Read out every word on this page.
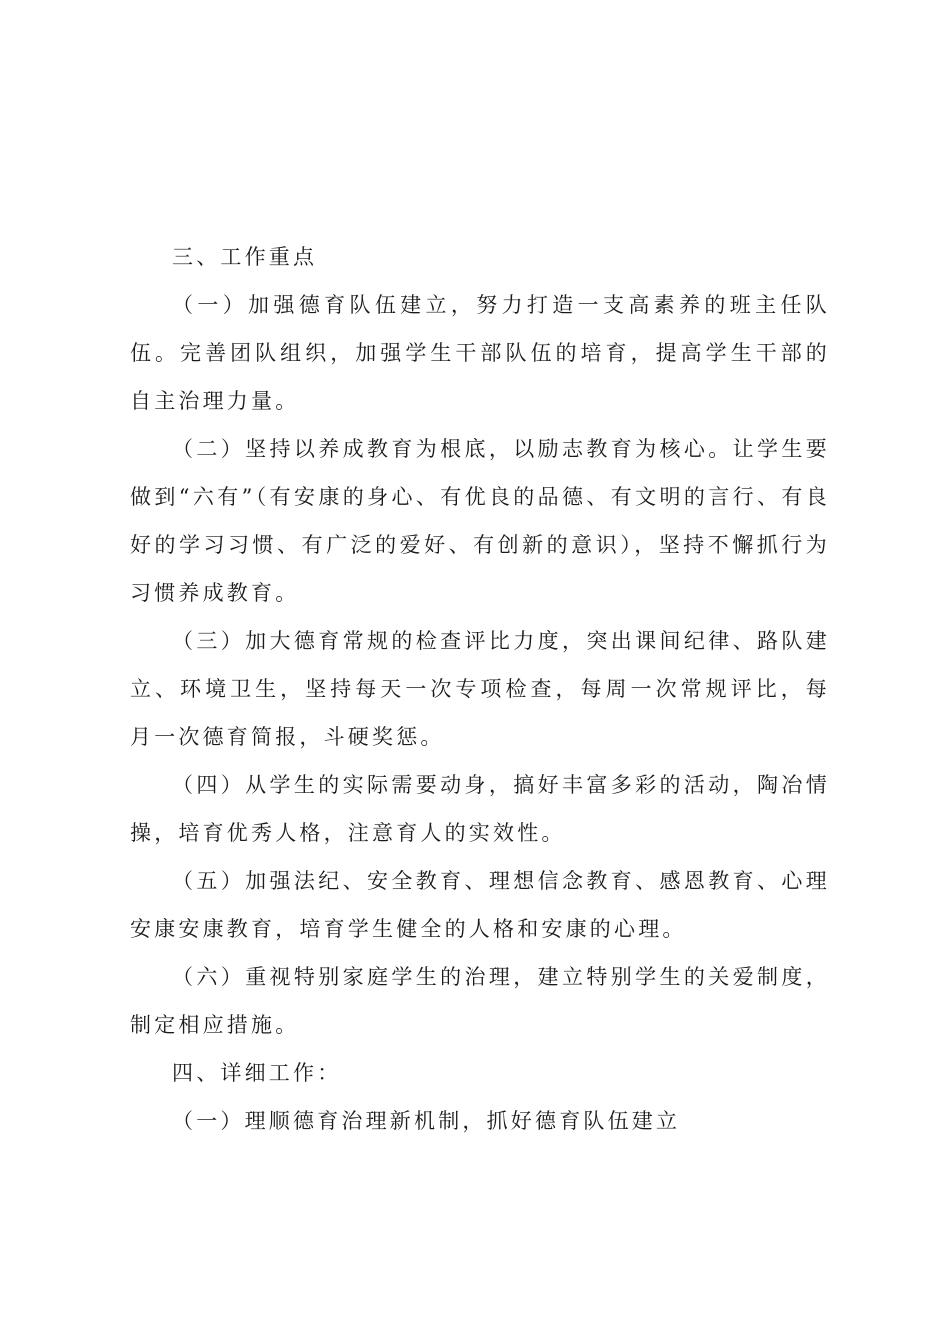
三、工作重点

（一）加强德育队伍建立，努力打造一支高素养的班主任队伍。完善团队组织，加强学生干部队伍的培育，提高学生干部的自主治理力量。

（二）坚持以养成教育为根底，以励志教育为核心。让学生要做到“六有”（有安康的身心、有优良的品德、有文明的言行、有良好的学习习惯、有广泛的爱好、有创新的意识），坚持不懈抓行为习惯养成教育。

（三）加大德育常规的检查评比力度，突出课间纪律、路队建立、环境卫生，坚持每天一次专项检查，每周一次常规评比，每月一次德育简报，斗硬奖惩。

（四）从学生的实际需要动身，搞好丰富多彩的活动，陶冶情操，培育优秀人格，注意育人的实效性。

（五）加强法纪、安全教育、理想信念教育、感恩教育、心理安康安康教育，培育学生健全的人格和安康的心理。

（六）重视特别家庭学生的治理，建立特别学生的关爱制度，制定相应措施。

四、详细工作：

（一）理顺德育治理新机制，抓好德育队伍建立
